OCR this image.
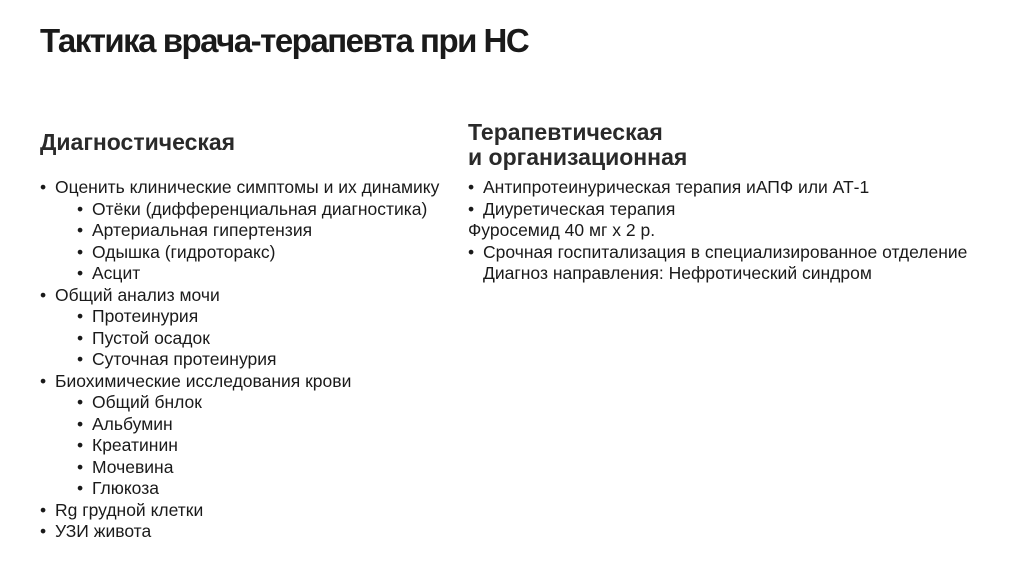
Тактика врача-терапевта при НС
Диагностическая
• Оценить клинические симптомы и их динамику
• Отёки (дифференциальная диагностика)
• Артериальная гипертензия
• Одышка (гидроторакс)
• Асцит
• Общий анализ мочи
• Протеинурия
• Пустой осадок
• Суточная протеинурия
• Биохимические исследования крови
• Общий бнлок
• Альбумин
• Креатинин
• Мочевина
• Глюкоза
• Rg грудной клетки
• УЗИ живота
Терапевтическая
и организационная
• Антипротеинурическая терапия иАПФ или АТ-1
• Диуретическая терапия
Фуросемид 40 мг х 2 р.
• Срочная госпитализация в специализированное отделение Диагноз направления: Нефротический синдром
